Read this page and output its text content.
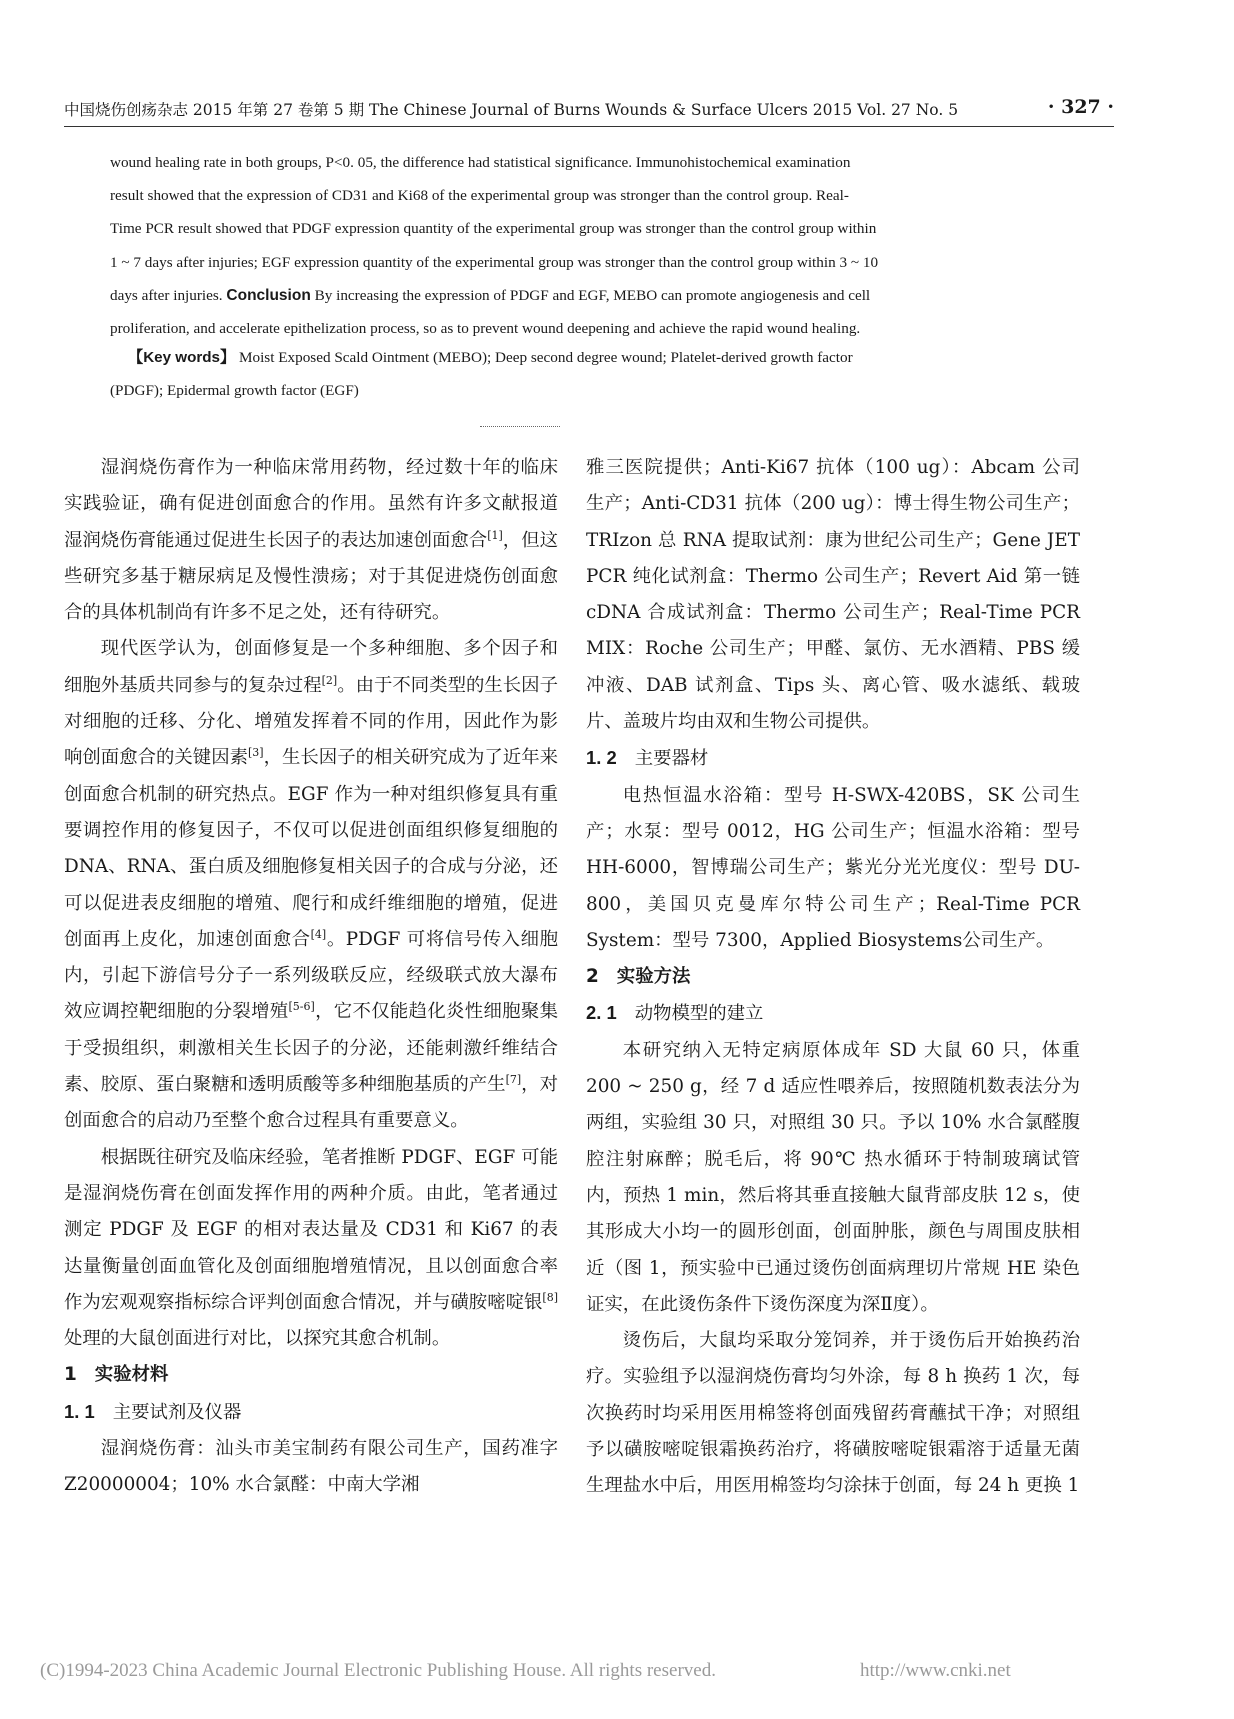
中国烧伤创疡杂志 2015 年第 27 卷第 5 期 The Chinese Journal of Burns Wounds & Surface Ulcers 2015 Vol. 27 No. 5	· 327 ·
wound healing rate in both groups, P<0. 05, the difference had statistical significance. Immunohistochemical examination
result showed that the expression of CD31 and Ki68 of the experimental group was stronger than the control group. Real-
Time PCR result showed that PDGF expression quantity of the experimental group was stronger than the control group within
1 ~ 7 days after injuries; EGF expression quantity of the experimental group was stronger than the control group within 3 ~ 10
days after injuries. Conclusion By increasing the expression of PDGF and EGF, MEBO can promote angiogenesis and cell
proliferation, and accelerate epithelization process, so as to prevent wound deepening and achieve the rapid wound healing.
【Key words】 Moist Exposed Scald Ointment (MEBO); Deep second degree wound; Platelet-derived growth factor
(PDGF); Epidermal growth factor (EGF)

湿润烧伤膏作为一种临床常用药物，经过数十年的临床实践验证，确有促进创面愈合的作用。虽然有许多文献报道湿润烧伤膏能通过促进生长因子的表达加速创面愈合[1]，但这些研究多基于糖尿病足及慢性溃疡；对于其促进烧伤创面愈合的具体机制尚有许多不足之处，还有待研究。

现代医学认为，创面修复是一个多种细胞、多个因子和细胞外基质共同参与的复杂过程[2]。由于不同类型的生长因子对细胞的迁移、分化、增殖发挥着不同的作用，因此作为影响创面愈合的关键因素[3]，生长因子的相关研究成为了近年来创面愈合机制的研究热点。EGF 作为一种对组织修复具有重要调控作用的修复因子，不仅可以促进创面组织修复细胞的 DNA、RNA、蛋白质及细胞修复相关因子的合成与分泌，还可以促进表皮细胞的增殖、爬行和成纤维细胞的增殖，促进创面再上皮化，加速创面愈合[4]。PDGF 可将信号传入细胞内，引起下游信号分子一系列级联反应，经级联式放大瀑布效应调控靶细胞的分裂增殖[5-6]，它不仅能趋化炎性细胞聚集于受损组织，刺激相关生长因子的分泌，还能刺激纤维结合素、胶原、蛋白聚糖和透明质酸等多种细胞基质的产生[7]，对创面愈合的启动乃至整个愈合过程具有重要意义。

根据既往研究及临床经验，笔者推断 PDGF、EGF 可能是湿润烧伤膏在创面发挥作用的两种介质。由此，笔者通过测定 PDGF 及 EGF 的相对表达量及 CD31 和 Ki67 的表达量衡量创面血管化及创面细胞增殖情况，且以创面愈合率作为宏观观察指标综合评判创面愈合情况，并与磺胺嘧啶银[8]处理的大鼠创面进行对比，以探究其愈合机制。

1 实验材料
1. 1 主要试剂及仪器

湿润烧伤膏：汕头市美宝制药有限公司生产，国药准字 Z20000004；10% 水合氯醛：中南大学湘

雅三医院提供；Anti-Ki67 抗体（100 ug）：Abcam 公司生产；Anti-CD31 抗体（200 ug）：博士得生物公司生产；TRIzon 总 RNA 提取试剂：康为世纪公司生产；Gene JET PCR 纯化试剂盒：Thermo 公司生产；Revert Aid 第一链 cDNA 合成试剂盒：Thermo 公司生产；Real-Time PCR MIX：Roche 公司生产；甲醛、氯仿、无水酒精、PBS 缓冲液、DAB 试剂盒、Tips 头、离心管、吸水滤纸、载玻片、盖玻片均由双和生物公司提供。

1. 2 主要器材

电热恒温水浴箱：型号 H-SWX-420BS，SK 公司生产；水泵：型号 0012，HG 公司生产；恒温水浴箱：型号 HH-6000，智博瑞公司生产；紫光分光光度仪：型号 DU-800，美国贝克曼库尔特公司生产；Real-Time PCR System：型号 7300，Applied Biosystems公司生产。

2 实验方法
2. 1 动物模型的建立

本研究纳入无特定病原体成年 SD 大鼠 60 只，体重 200 ~ 250 g，经 7 d 适应性喂养后，按照随机数表法分为两组，实验组 30 只，对照组 30 只。予以 10% 水合氯醛腹腔注射麻醉；脱毛后，将 90℃ 热水循环于特制玻璃试管内，预热 1 min，然后将其垂直接触大鼠背部皮肤 12 s，使其形成大小均一的圆形创面，创面肿胀，颜色与周围皮肤相近（图 1，预实验中已通过烫伤创面病理切片常规 HE 染色证实，在此烫伤条件下烫伤深度为深Ⅱ度）。

烫伤后，大鼠均采取分笼饲养，并于烫伤后开始换药治疗。实验组予以湿润烧伤膏均匀外涂，每 8 h 换药 1 次，每次换药时均采用医用棉签将创面残留药膏蘸拭干净；对照组予以磺胺嘧啶银霜换药治疗，将磺胺嘧啶银霜溶于适量无菌生理盐水中后，用医用棉签均匀涂抹于创面，每 24 h 更换 1

(C)1994-2023 China Academic Journal Electronic Publishing House. All rights reserved.	http://www.cnki.net
